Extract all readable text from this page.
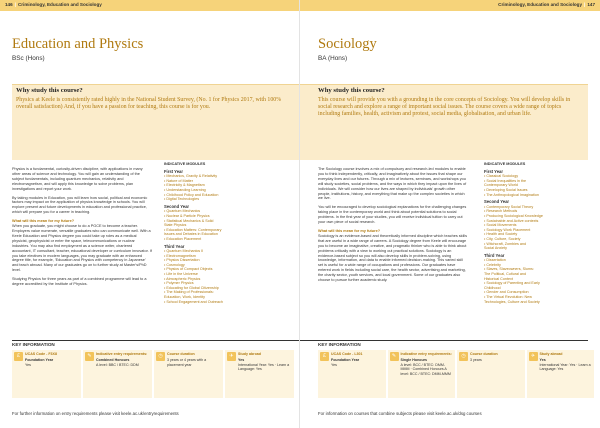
146 | Criminology, Education and Sociology
Education and Physics
BSc (Hons)
Why study this course?
Physics at Keele is consistently rated highly in the National Student Survey, (No. 1 for Physics 2017, with 100% overall satisfaction) And, if you have a passion for teaching, this course is for you.

Physics is a fundamental, curiosity-driven discipline, with applications in many other areas of science and technology. You will gain an understanding of the subject fundamentals, including quantum mechanics, relativity and electromagnetism, and will apply this knowledge to solve problems, plan investigations and report your work.

By taking modules in Education, you will learn how social, political and economic factors may impact on the application of physics knowledge in schools. You will explore present and future developments in education and professional practice, which will prepare you for a career in teaching.

What will this mean for my future?
When you graduate, you might choose to do a PGCE to become a teacher. Employers value numerate, versatile graduates who can communicate well. With a Keele Education and Physics degree you could take up roles as a medical physicist, geophysicist or enter the space, telecommunications or nuclear industries. You may also find employment as a science writer, chartered accountant, IT consultant, teacher, educational developer or curriculum innovator. If you take electives in modern languages, you may graduate with an enhanced degree title, for example, 'Education and Physics with competency in Japanese' and teach abroad. Many of our graduates go on to further study at Master's/PhD level.

Studying Physics for three years as part of a combined programme will lead to a degree accredited by the Institute of Physics.

INDICATIVE MODULES
First Year
• Mechanics, Gravity & Relativity
• Nature of Matter
• Electricity & Magnetism
• Understanding Learning
• Childhood Policy and Education
• Digital Technologies
Second Year
• Quantum Mechanics
• Nuclear & Particle Physics
• Statistical Mechanics & Solid
State Physics
• Education Matters: Contemporary
Issues and Debates in Education
• Education Placement
Third Year
• Quantum Mechanics II
• Electromagnetism
• Physics Dissertation
• Cosmology
• Physics of Compact Objects
• Life in the Universe
• Atmospheric Physics
• Polymer Physics
• Educating for Global Citizenship
• The Making of Professionals:
Education, Work, Identity
• School Engagement and Outreach
KEY INFORMATION
£	UCAS Code - F3X8
Foundation Year
Yes
✎	Indicative entry requirements:
Combined Honours
A level: BBC / BTEC: DDM
◷	Course duration
3 years or 4 years with a placement year
✈	Study abroad
Yes
International Year: Yes · Learn a Language: Yes
For further information on entry requirements please visit keele.ac.uk/entryrequirements
Criminology, Education and Sociology | 147
Sociology
BA (Hons)
Why study this course?
This course will provide you with a grounding in the core concepts of Sociology. You will develop skills in social research and explore a range of important social issues. The course covers a wide range of topics including families, health, activism and protest, social media, globalisation, and urban life.

The Sociology course involves a mix of compulsory and research-led modules to enable you to think independently, critically, and imaginatively about the issues that shape our everyday lives and our futures. Through a mix of lectures, seminars, and workshops you will study societies, social problems, and the ways in which they impact upon the lives of individuals. We will consider how our lives are shaped by individuals' growth other people, institutions, history, and everything that make up the complex societies in which we live.

You will be encouraged to develop sociological explanations for the challenging changes taking place in the contemporary world and think about potential solutions to social problems. In the first year of your studies, you will receive individual tuition to carry out your own piece of social research.

What will this mean for my future?
Sociology is an evidence-based and theoretically informed discipline which teaches skills that are useful in a wide range of careers. A Sociology degree from Keele will encourage you to become an imaginative, creative, and pragmatic thinker who is able to think about problems critically with a view to working out practical solutions. Sociology is an evidence-based subject so you will also develop skills in problem-solving, using knowledge, information, and data to enable informed decision-making. This varied skill set is useful for a wide range of occupations and professions. Our graduates have entered work in fields including social care, the health sector, advertising and marketing, the charity sector, youth services, and local government. Some of our graduates also choose to pursue further academic study.

INDICATIVE MODULES
First Year
• Classical Sociology
• Social Inequalities in the
Contemporary World
• Developing Social Issues
• The Anthropological Imagination
Second Year
• Contemporary Social Theory
• Research Methods
• Producing Sociological Knowledge
• Sustainable and Active contexts
• Social Movements
• Sociology Work Placement
• Health and Society
• City, Culture, Society
• Witchcraft, Zombies and
Social Anxiety
Third Year
• Dissertation
• Celebrity
• Slaves, Slaveowners, Slums:
The Political, Cultural and
Historical Context
• Sociology of Parenting and Early
Childhood
• Gender and Consumption
• The Virtual Revolution: New
Technologies, Culture and Society
KEY INFORMATION
£	UCAS Code - L301
Foundation Year
Yes
✎	Indicative entry requirements:
Single Honours
A level: BCC / BTEC: DMM-MMM · Combined Honours A level: BCC / BTEC: DMM-MMM
◷	Course duration
3 years
✈	Study abroad
Yes
International Year: Yes · Learn a Language: Yes
For information on courses that combine subjects please visit keele.ac.uk/dsg courses
